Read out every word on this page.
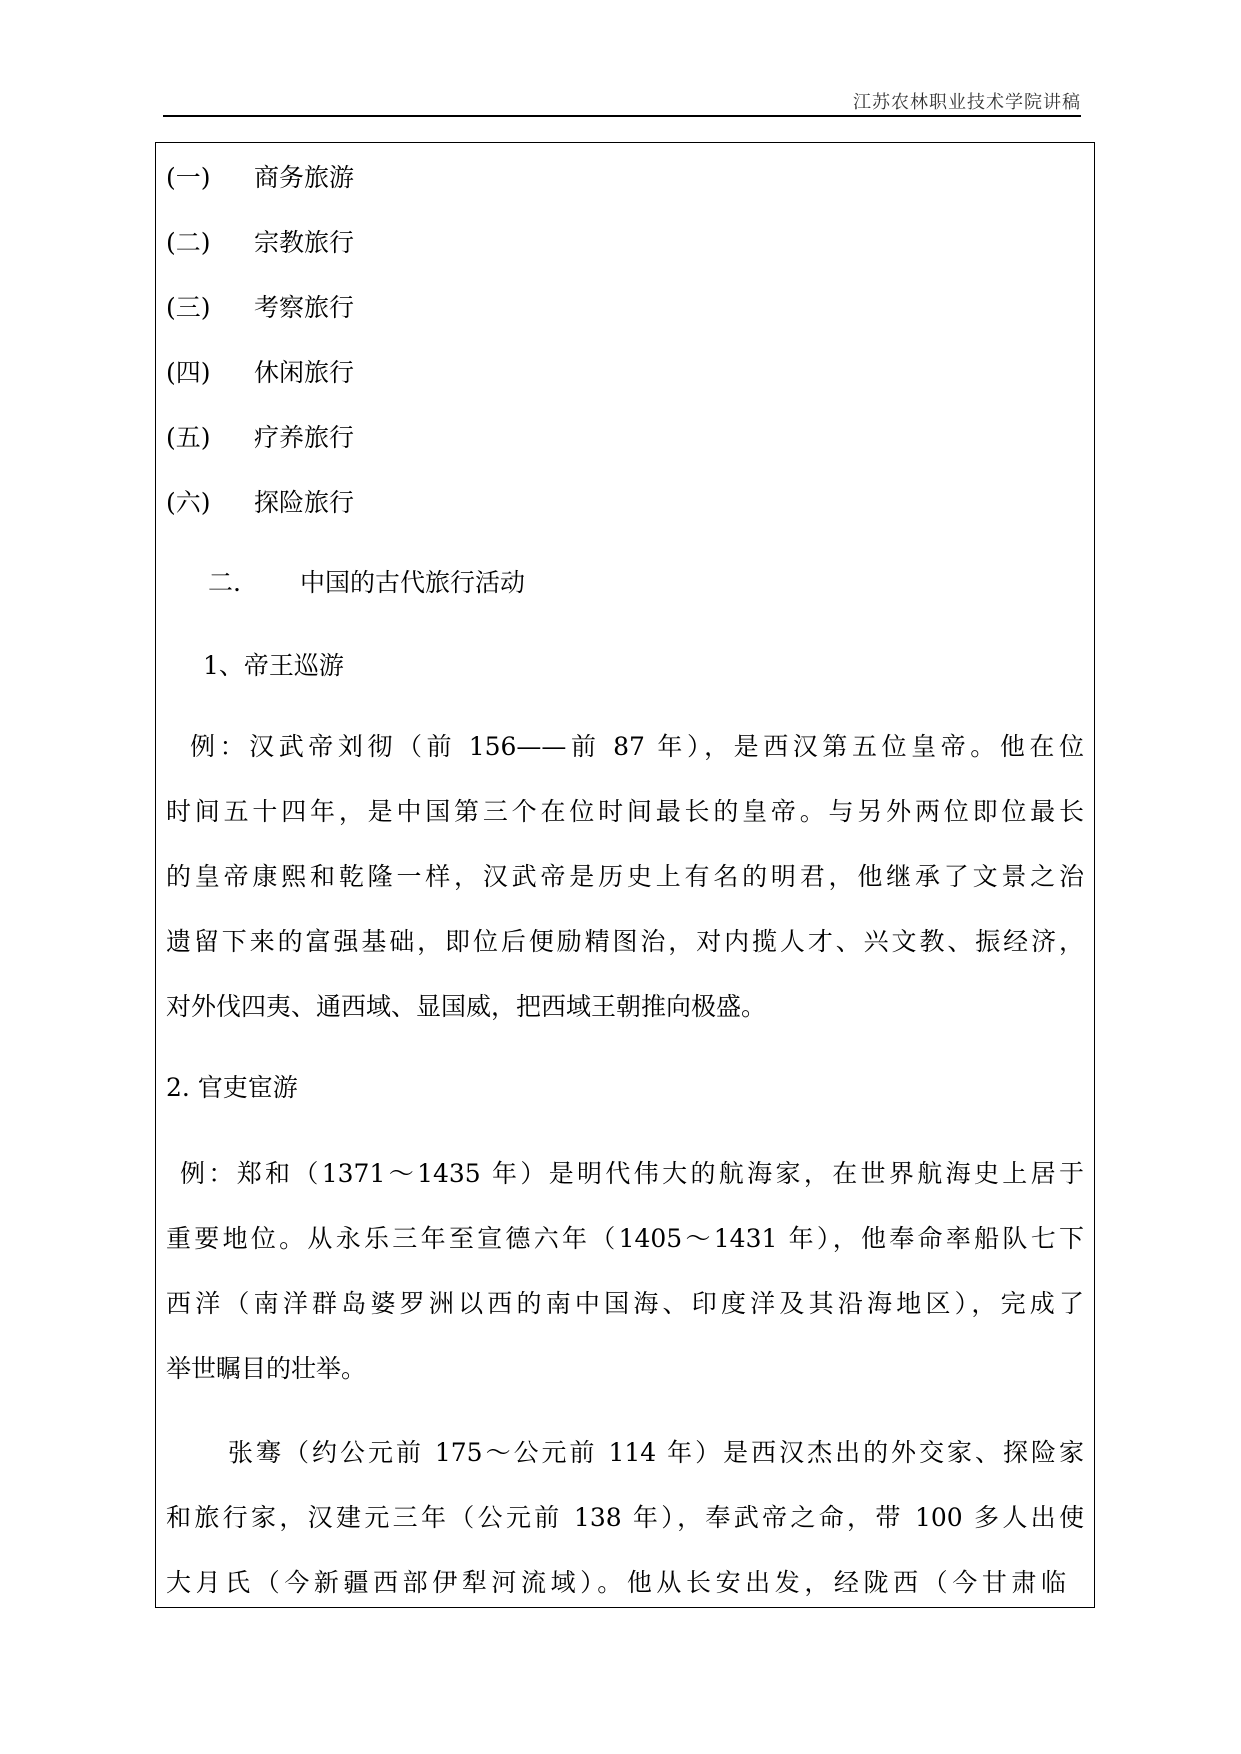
江苏农林职业技术学院讲稿
(一) 商务旅游
(二) 宗教旅行
(三) 考察旅行
(四) 休闲旅行
(五) 疗养旅行
(六) 探险旅行
二. 中国的古代旅行活动
1、帝王巡游
例：汉武帝刘彻（前 156——前 87 年），是西汉第五位皇帝。他在位
时间五十四年，是中国第三个在位时间最长的皇帝。与另外两位即位最长
的皇帝康熙和乾隆一样，汉武帝是历史上有名的明君，他继承了文景之治
遗留下来的富强基础，即位后便励精图治，对内揽人才、兴文教、振经济，
对外伐四夷、通西域、显国威，把西域王朝推向极盛。
2. 官吏宦游
例：郑和（1371～1435 年）是明代伟大的航海家，在世界航海史上居于
重要地位。从永乐三年至宣德六年（1405～1431 年），他奉命率船队七下
西洋（南洋群岛婆罗洲以西的南中国海、印度洋及其沿海地区），完成了
举世瞩目的壮举。
张骞（约公元前 175～公元前 114 年）是西汉杰出的外交家、探险家
和旅行家，汉建元三年（公元前 138 年），奉武帝之命，带 100 多人出使
大月氏（今新疆西部伊犁河流域）。他从长安出发，经陇西（今甘肃临
